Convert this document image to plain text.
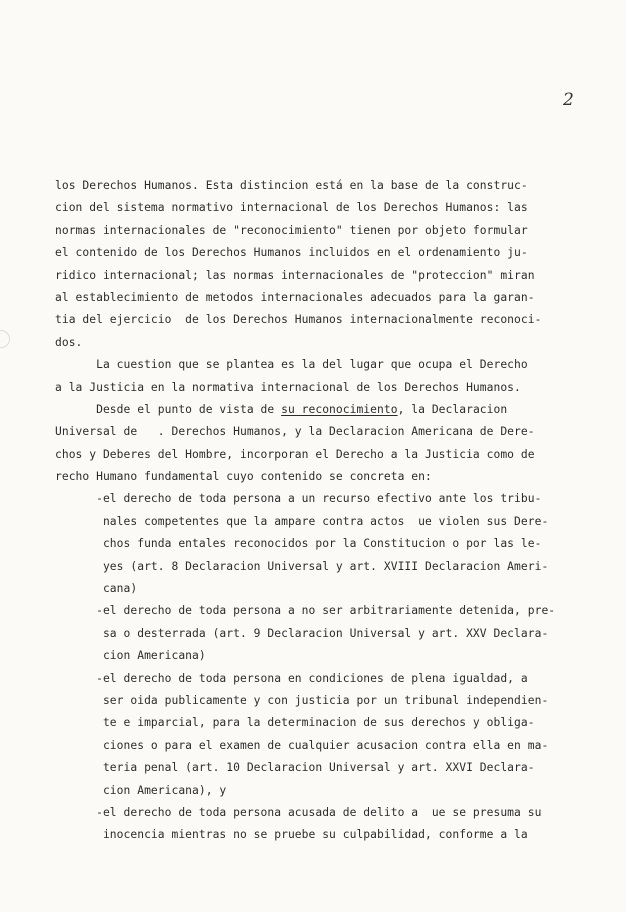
2
los Derechos Humanos. Esta distincion está en la base de la construc-
cion del sistema normativo internacional de los Derechos Humanos: las
normas internacionales de "reconocimiento" tienen por objeto formular
el contenido de los Derechos Humanos incluidos en el ordenamiento ju-
ridico internacional; las normas internacionales de "proteccion" miran
al establecimiento de metodos internacionales adecuados para la garan-
tia del ejercicio  de los Derechos Humanos internacionalmente reconoci-
dos.
La cuestion que se plantea es la del lugar que ocupa el Derecho
a la Justicia en la normativa internacional de los Derechos Humanos.
Desde el punto de vista de su reconocimiento, la Declaracion
Universal de   . Derechos Humanos, y la Declaracion Americana de Dere-
chos y Deberes del Hombre, incorporan el Derecho a la Justicia como de
recho Humano fundamental cuyo contenido se concreta en:
-el derecho de toda persona a un recurso efectivo ante los tribu-
nales competentes que la ampare contra actos  ue violen sus Dere-
chos funda entales reconocidos por la Constitucion o por las le-
yes (art. 8 Declaracion Universal y art. XVIII Declaracion Ameri-
cana)
-el derecho de toda persona a no ser arbitrariamente detenida, pre-
sa o desterrada (art. 9 Declaracion Universal y art. XXV Declara-
cion Americana)
-el derecho de toda persona en condiciones de plena igualdad, a
ser oida publicamente y con justicia por un tribunal independien-
te e imparcial, para la determinacion de sus derechos y obliga-
ciones o para el examen de cualquier acusacion contra ella en ma-
teria penal (art. 10 Declaracion Universal y art. XXVI Declara-
cion Americana), y
-el derecho de toda persona acusada de delito a  ue se presuma su
inocencia mientras no se pruebe su culpabilidad, conforme a la
